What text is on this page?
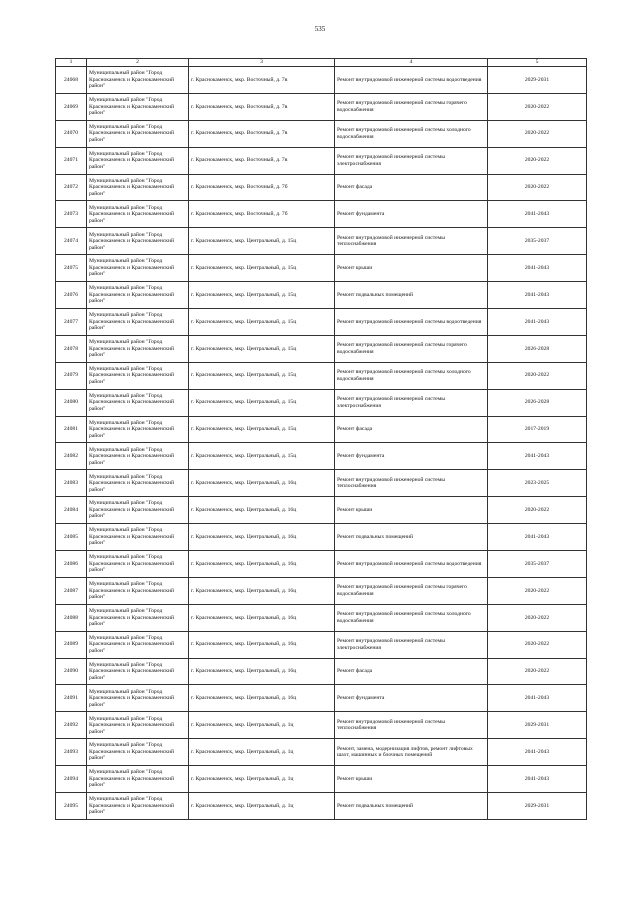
535
1	2	3	4	5
24068	Муниципальный район "Город Краснокаменск и Краснокаменский район"	г. Краснокаменск, мкр. Восточный, д. 7в	Ремонт внутридомовой инженерной системы водоотведения	2029-2031
24069	Муниципальный район "Город Краснокаменск и Краснокаменский район"	г. Краснокаменск, мкр. Восточный, д. 7в	Ремонт внутридомовой инженерной системы горячего водоснабжения	2020-2022
24070	Муниципальный район "Город Краснокаменск и Краснокаменский район"	г. Краснокаменск, мкр. Восточный, д. 7в	Ремонт внутридомовой инженерной системы холодного водоснабжения	2020-2022
24071	Муниципальный район "Город Краснокаменск и Краснокаменский район"	г. Краснокаменск, мкр. Восточный, д. 7в	Ремонт внутридомовой инженерной системы электроснабжения	2020-2022
24072	Муниципальный район "Город Краснокаменск и Краснокаменский район"	г. Краснокаменск, мкр. Восточный, д. 7б	Ремонт фасада	2020-2022
24073	Муниципальный район "Город Краснокаменск и Краснокаменский район"	г. Краснокаменск, мкр. Восточный, д. 7б	Ремонт фундамента	2041-2043
24074	Муниципальный район "Город Краснокаменск и Краснокаменский район"	г. Краснокаменск, мкр. Центральный, д. 15ц	Ремонт внутридомовой инженерной системы теплоснабжения	2035-2037
24075	Муниципальный район "Город Краснокаменск и Краснокаменский район"	г. Краснокаменск, мкр. Центральный, д. 15ц	Ремонт крыши	2041-2043
24076	Муниципальный район "Город Краснокаменск и Краснокаменский район"	г. Краснокаменск, мкр. Центральный, д. 15ц	Ремонт подвальных помещений	2041-2043
24077	Муниципальный район "Город Краснокаменск и Краснокаменский район"	г. Краснокаменск, мкр. Центральный, д. 15ц	Ремонт внутридомовой инженерной системы водоотведения	2041-2043
24078	Муниципальный район "Город Краснокаменск и Краснокаменский район"	г. Краснокаменск, мкр. Центральный, д. 15ц	Ремонт внутридомовой инженерной системы горячего водоснабжения	2026-2028
24079	Муниципальный район "Город Краснокаменск и Краснокаменский район"	г. Краснокаменск, мкр. Центральный, д. 15ц	Ремонт внутридомовой инженерной системы холодного водоснабжения	2020-2022
24080	Муниципальный район "Город Краснокаменск и Краснокаменский район"	г. Краснокаменск, мкр. Центральный, д. 15ц	Ремонт внутридомовой инженерной системы электроснабжения	2026-2028
24081	Муниципальный район "Город Краснокаменск и Краснокаменский район"	г. Краснокаменск, мкр. Центральный, д. 15ц	Ремонт фасада	2017-2019
24082	Муниципальный район "Город Краснокаменск и Краснокаменский район"	г. Краснокаменск, мкр. Центральный, д. 15ц	Ремонт фундамента	2041-2043
24083	Муниципальный район "Город Краснокаменск и Краснокаменский район"	г. Краснокаменск, мкр. Центральный, д. 16ц	Ремонт внутридомовой инженерной системы теплоснабжения	2023-2025
24084	Муниципальный район "Город Краснокаменск и Краснокаменский район"	г. Краснокаменск, мкр. Центральный, д. 16ц	Ремонт крыши	2020-2022
24085	Муниципальный район "Город Краснокаменск и Краснокаменский район"	г. Краснокаменск, мкр. Центральный, д. 16ц	Ремонт подвальных помещений	2041-2043
24086	Муниципальный район "Город Краснокаменск и Краснокаменский район"	г. Краснокаменск, мкр. Центральный, д. 16ц	Ремонт внутридомовой инженерной системы водоотведения	2035-2037
24087	Муниципальный район "Город Краснокаменск и Краснокаменский район"	г. Краснокаменск, мкр. Центральный, д. 16ц	Ремонт внутридомовой инженерной системы горячего водоснабжения	2020-2022
24088	Муниципальный район "Город Краснокаменск и Краснокаменский район"	г. Краснокаменск, мкр. Центральный, д. 16ц	Ремонт внутридомовой инженерной системы холодного водоснабжения	2020-2022
24089	Муниципальный район "Город Краснокаменск и Краснокаменский район"	г. Краснокаменск, мкр. Центральный, д. 16ц	Ремонт внутридомовой инженерной системы электроснабжения	2020-2022
24090	Муниципальный район "Город Краснокаменск и Краснокаменский район"	г. Краснокаменск, мкр. Центральный, д. 16ц	Ремонт фасада	2020-2022
24091	Муниципальный район "Город Краснокаменск и Краснокаменский район"	г. Краснокаменск, мкр. Центральный, д. 16ц	Ремонт фундамента	2041-2043
24092	Муниципальный район "Город Краснокаменск и Краснокаменский район"	г. Краснокаменск, мкр. Центральный, д. 1ц	Ремонт внутридомовой инженерной системы теплоснабжения	2029-2031
24093	Муниципальный район "Город Краснокаменск и Краснокаменский район"	г. Краснокаменск, мкр. Центральный, д. 1ц	Ремонт, замена, модернизация лифтов, ремонт лифтовых шахт, машинных и блочных помещений	2041-2043
24094	Муниципальный район "Город Краснокаменск и Краснокаменский район"	г. Краснокаменск, мкр. Центральный, д. 1ц	Ремонт крыши	2041-2043
24095	Муниципальный район "Город Краснокаменск и Краснокаменский район"	г. Краснокаменск, мкр. Центральный, д. 1ц	Ремонт подвальных помещений	2029-2031
